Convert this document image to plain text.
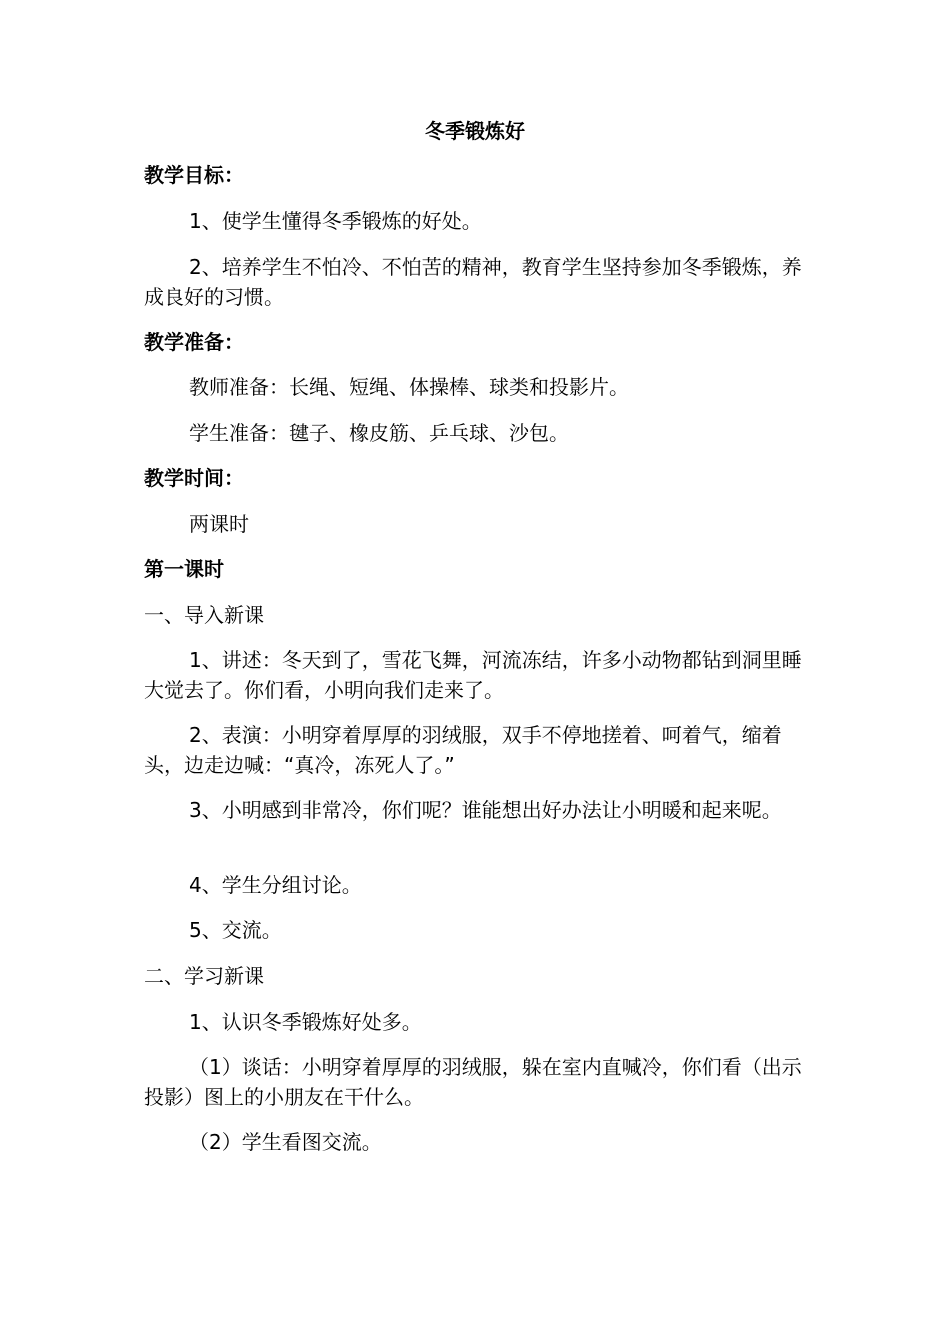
冬季锻炼好
教学目标：
1、使学生懂得冬季锻炼的好处。
2、培养学生不怕冷、不怕苦的精神，教育学生坚持参加冬季锻炼，养成良好的习惯。
教学准备：
教师准备：长绳、短绳、体操棒、球类和投影片。
学生准备：毽子、橡皮筋、乒乓球、沙包。
教学时间：
两课时
第一课时
一、导入新课
1、讲述：冬天到了，雪花飞舞，河流冻结，许多小动物都钻到洞里睡大觉去了。你们看，小明向我们走来了。
2、表演：小明穿着厚厚的羽绒服，双手不停地搓着、呵着气，缩着头，边走边喊：“真冷，冻死人了。”
3、小明感到非常冷，你们呢？谁能想出好办法让小明暖和起来呢。
4、学生分组讨论。
5、交流。
二、学习新课
1、认识冬季锻炼好处多。
（1）谈话：小明穿着厚厚的羽绒服，躲在室内直喊冷，你们看（出示投影）图上的小朋友在干什么。
（2）学生看图交流。
